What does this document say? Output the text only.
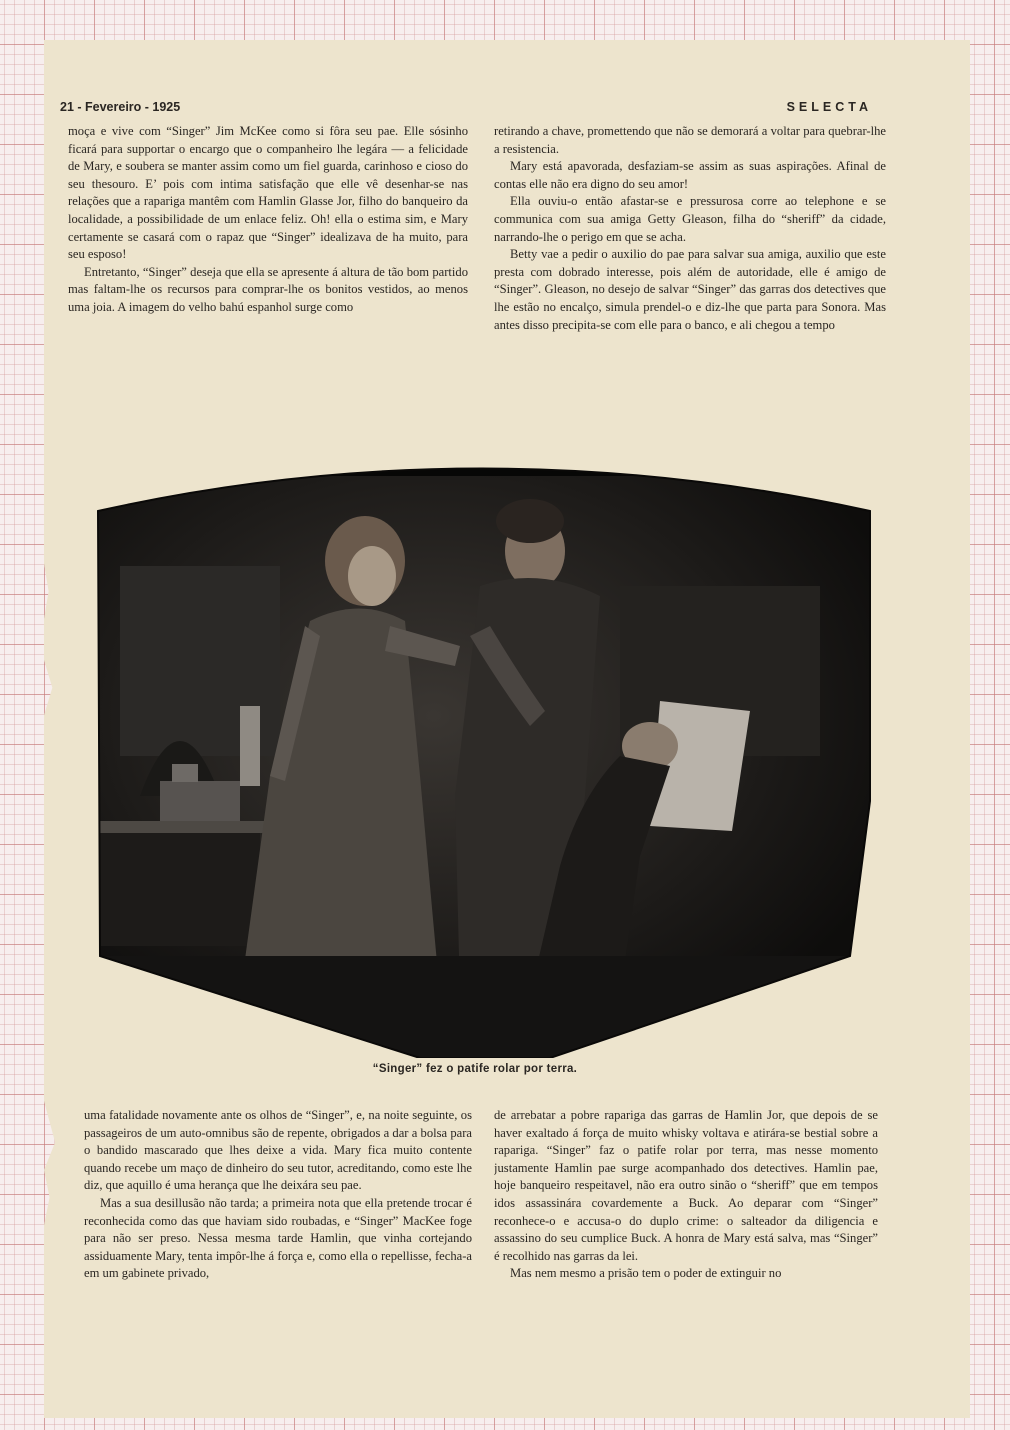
21 - Fevereiro - 1925	SELECTA

moça e vive com “Singer” Jim McKee como si fôra seu pae. Elle sósinho ficará para supportar o encargo que o companheiro lhe legára — a felicidade de Mary, e soubera se manter assim como um fiel guarda, carinhoso e cioso do seu thesouro. E’ pois com intima satisfação que elle vê desenhar-se nas relações que a rapariga mantêm com Hamlin Glasse Jor, filho do banqueiro da localidade, a possibilidade de um enlace feliz. Oh! ella o estima sim, e Mary certamente se casará com o rapaz que “Singer” idealizava de ha muito, para seu esposo!

Entretanto, “Singer” deseja que ella se apresente á altura de tão bom partido mas faltam-lhe os recursos para comprar-lhe os bonitos vestidos, ao menos uma joia. A imagem do velho bahú espanhol surge como

retirando a chave, promettendo que não se demorará a voltar para quebrar-lhe a resistencia.

Mary está apavorada, desfaziam-se assim as suas aspirações. Afinal de contas elle não era digno do seu amor!

Ella ouviu-o então afastar-se e pressurosa corre ao telephone e se communica com sua amiga Getty Gleason, filha do “sheriff” da cidade, narrando-lhe o perigo em que se acha.

Betty vae a pedir o auxilio do pae para salvar sua amiga, auxilio que este presta com dobrado interesse, pois além de autoridade, elle é amigo de “Singer”. Gleason, no desejo de salvar “Singer” das garras dos detectives que lhe estão no encalço, simula prendel-o e diz-lhe que parta para Sonora. Mas antes disso precipita-se com elle para o banco, e ali chegou a tempo

“Singer” fez o patife rolar por terra.

uma fatalidade novamente ante os olhos de “Singer”, e, na noite seguinte, os passageiros de um auto-omnibus são de repente, obrigados a dar a bolsa para o bandido mascarado que lhes deixe a vida. Mary fica muito contente quando recebe um maço de dinheiro do seu tutor, acreditando, como este lhe diz, que aquillo é uma herança que lhe deixára seu pae.

Mas a sua desillusão não tarda; a primeira nota que ella pretende trocar é reconhecida como das que haviam sido roubadas, e “Singer” MacKee foge para não ser preso. Nessa mesma tarde Hamlin, que vinha cortejando assiduamente Mary, tenta impôr-lhe á força e, como ella o repellisse, fecha-a em um gabinete privado,

de arrebatar a pobre rapariga das garras de Hamlin Jor, que depois de se haver exaltado á força de muito whisky voltava e atirára-se bestial sobre a rapariga. “Singer” faz o patife rolar por terra, mas nesse momento justamente Hamlin pae surge acompanhado dos detectives. Hamlin pae, hoje banqueiro respeitavel, não era outro sinão o “sheriff” que em tempos idos assassinára covardemente a Buck. Ao deparar com “Singer” reconhece-o e accusa-o do duplo crime: o salteador da diligencia e assassino do seu cumplice Buck. A honra de Mary está salva, mas “Singer” é recolhido nas garras da lei.

Mas nem mesmo a prisão tem o poder de extinguir no
